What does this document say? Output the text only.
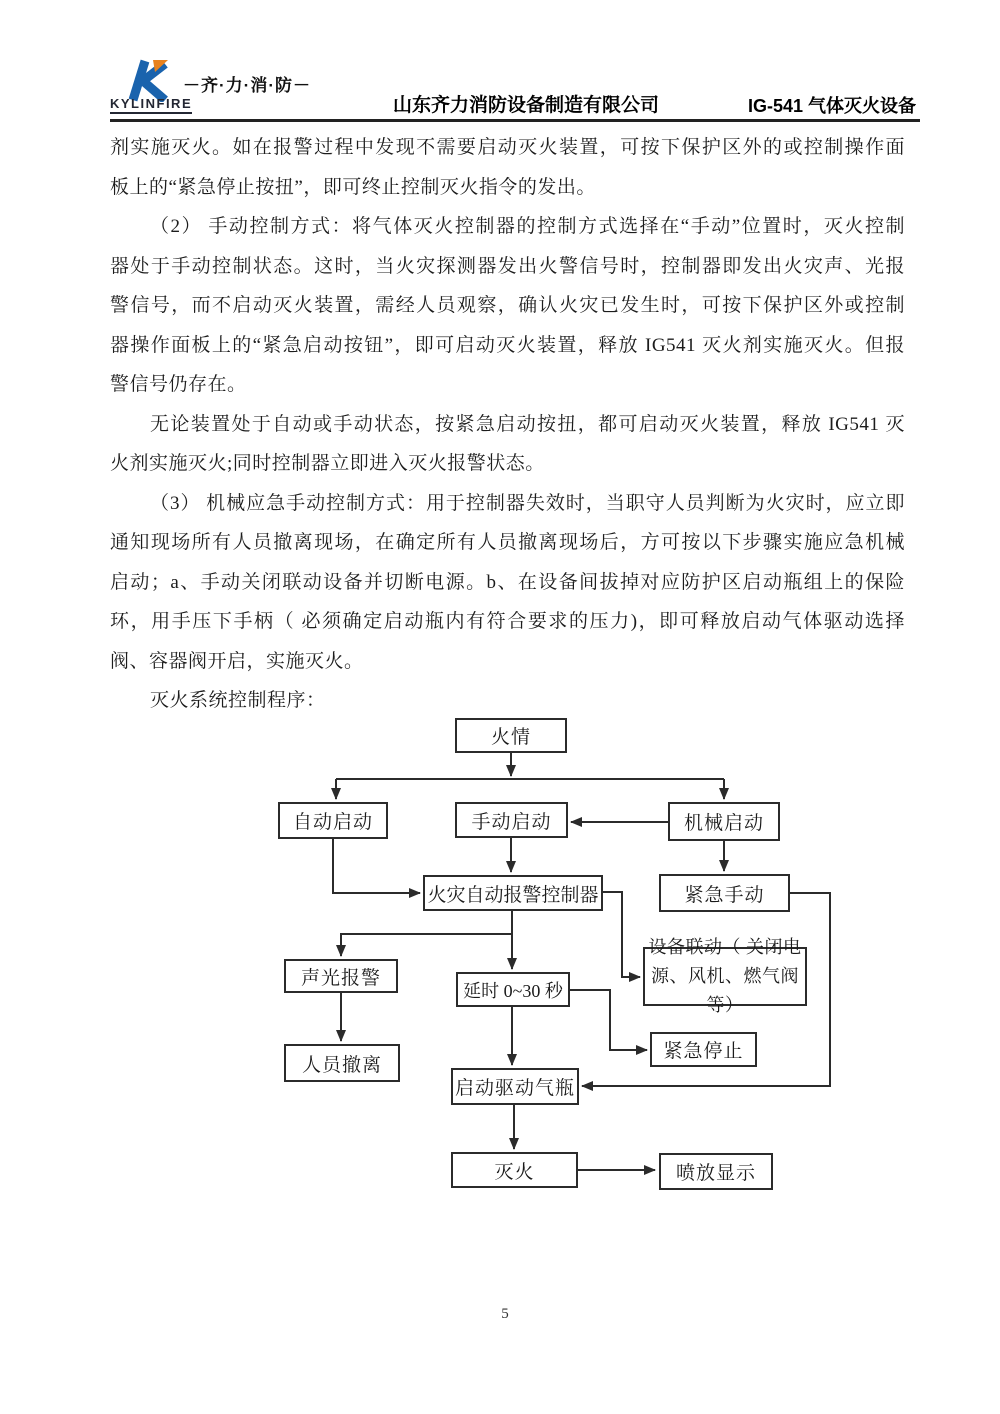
KYLINFIRE
－齐·力·消·防－
山东齐力消防设备制造有限公司	IG-541 气体灭火设备
剂实施灭火。如在报警过程中发现不需要启动灭火装置，可按下保护区外的或控制操作面
板上的“紧急停止按扭”，即可终止控制灭火指令的发出。
（2） 手动控制方式：将气体灭火控制器的控制方式选择在“手动”位置时，灭火控制
器处于手动控制状态。这时，当火灾探测器发出火警信号时，控制器即发出火灾声、光报
警信号，而不启动灭火装置，需经人员观察，确认火灾已发生时，可按下保护区外或控制
器操作面板上的“紧急启动按钮”，即可启动灭火装置，释放 IG541 灭火剂实施灭火。但报
警信号仍存在。
无论装置处于自动或手动状态，按紧急启动按扭，都可启动灭火装置，释放 IG541 灭
火剂实施灭火;同时控制器立即进入灭火报警状态。
（3） 机械应急手动控制方式：用于控制器失效时，当职守人员判断为火灾时，应立即
通知现场所有人员撤离现场，在确定所有人员撤离现场后，方可按以下步骤实施应急机械
启动；a、手动关闭联动设备并切断电源。b、在设备间拔掉对应防护区启动瓶组上的保险
环，用手压下手柄（ 必须确定启动瓶内有符合要求的压力)，即可释放启动气体驱动选择
阀、容器阀开启，实施灭火。
灭火系统控制程序：
火情
自动启动	手动启动	机械启动
火灾自动报警控制器	紧急手动
声光报警
延时 0~30 秒
设备联动（ 关闭电
源、风机、燃气阀等）
人员撤离
紧急停止
启动驱动气瓶
灭火	喷放显示
5
